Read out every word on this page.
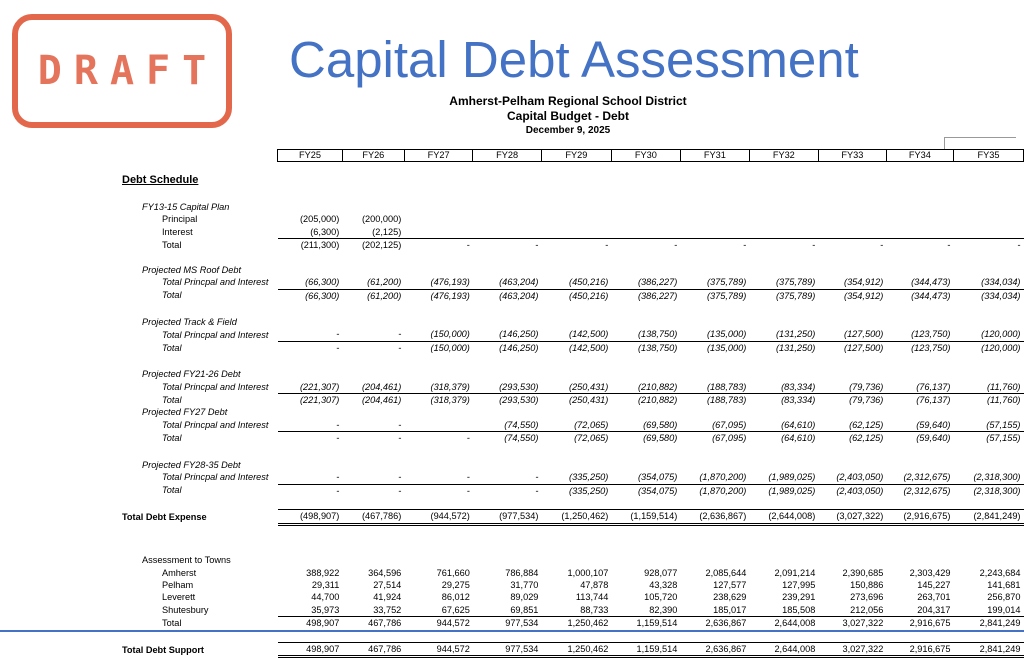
DRAFT Capital Debt Assessment
Amherst-Pelham Regional School District
Capital Budget - Debt
December 9, 2025
	FY25	FY26	FY27	FY28	FY29	FY30	FY31	FY32	FY33	FY34	FY35

Debt Schedule											

FY13-15 Capital Plan											
Principal	(205,000)	(200,000)									
Interest	(6,300)	(2,125)									
Total	(211,300)	(202,125)	-	-	-	-	-	-	-	-	-

Projected MS Roof Debt											
Total Princpal and Interest	(66,300)	(61,200)	(476,193)	(463,204)	(450,216)	(386,227)	(375,789)	(375,789)	(354,912)	(344,473)	(334,034)
Total	(66,300)	(61,200)	(476,193)	(463,204)	(450,216)	(386,227)	(375,789)	(375,789)	(354,912)	(344,473)	(334,034)

Projected Track & Field											
Total Princpal and Interest	-	-	(150,000)	(146,250)	(142,500)	(138,750)	(135,000)	(131,250)	(127,500)	(123,750)	(120,000)
Total	-	-	(150,000)	(146,250)	(142,500)	(138,750)	(135,000)	(131,250)	(127,500)	(123,750)	(120,000)

Projected FY21-26 Debt											
Total Princpal and Interest	(221,307)	(204,461)	(318,379)	(293,530)	(250,431)	(210,882)	(188,783)	(83,334)	(79,736)	(76,137)	(11,760)
Total	(221,307)	(204,461)	(318,379)	(293,530)	(250,431)	(210,882)	(188,783)	(83,334)	(79,736)	(76,137)	(11,760)
Projected FY27 Debt											
Total Princpal and Interest	-	-		(74,550)	(72,065)	(69,580)	(67,095)	(64,610)	(62,125)	(59,640)	(57,155)
Total	-	-	-	(74,550)	(72,065)	(69,580)	(67,095)	(64,610)	(62,125)	(59,640)	(57,155)

Projected FY28-35 Debt											
Total Princpal and Interest	-	-	-	-	(335,250)	(354,075)	(1,870,200)	(1,989,025)	(2,403,050)	(2,312,675)	(2,318,300)
Total	-	-	-	-	(335,250)	(354,075)	(1,870,200)	(1,989,025)	(2,403,050)	(2,312,675)	(2,318,300)

Total Debt Expense	(498,907)	(467,786)	(944,572)	(977,534)	(1,250,462)	(1,159,514)	(2,636,867)	(2,644,008)	(3,027,322)	(2,916,675)	(2,841,249)

Assessment to Towns											
Amherst	388,922	364,596	761,660	786,884	1,000,107	928,077	2,085,644	2,091,214	2,390,685	2,303,429	2,243,684
Pelham	29,311	27,514	29,275	31,770	47,878	43,328	127,577	127,995	150,886	145,227	141,681
Leverett	44,700	41,924	86,012	89,029	113,744	105,720	238,629	239,291	273,696	263,701	256,870
Shutesbury	35,973	33,752	67,625	69,851	88,733	82,390	185,017	185,508	212,056	204,317	199,014
Total	498,907	467,786	944,572	977,534	1,250,462	1,159,514	2,636,867	2,644,008	3,027,322	2,916,675	2,841,249

Total Debt Support	498,907	467,786	944,572	977,534	1,250,462	1,159,514	2,636,867	2,644,008	3,027,322	2,916,675	2,841,249
